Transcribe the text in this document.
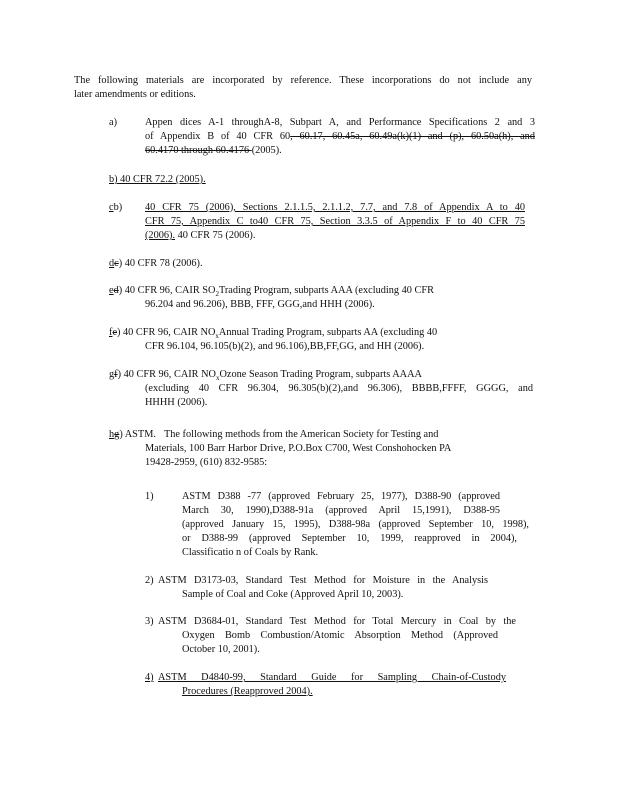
The following materials are incorporated by reference. These incorporations do not include any
later amendments or editions.
a)	Appen dices A-1 throughA-8, Subpart A, and Performance Specifications 2 and 3
of Appendix B of 40 CFR 60, 60.17, 60.45a, 60.49a(k)(1) and (p), 60.50a(h), and
60.4170 through 60.4176 (2005).
b) 40 CFR 72.2 (2005).
cb) 40 CFR 75 (2006), Sections 2.1.1.5, 2.1.1.2, 7.7, and 7.8 of Appendix A to 40
CFR 75, Appendix C to40 CFR 75, Section 3.3.5 of Appendix F to 40 CFR 75
(2006). 40 CFR 75 (2006).
dc) 40 CFR 78 (2006).
ed) 40 CFR 96, CAIR $SO_2Trading$ Program, subparts AAA (excluding 40 CFR
96.204 and 96.206), BBB, FFF, GGG,and HHH (2006).
fe) 40 CFR 96, CAIR $NO_xAnnual$ Trading Program, subparts AA (excluding 40
CFR 96.104, 96.105(b)(2), and 96.106),BB,FF,GG, and HH (2006).
gf) 40 CFR 96, CAIR $NO_xOzone$ Season Trading Program, subparts AAAA
(excluding 40 CFR 96.304, 96.305(b)(2),and 96.306), BBBB,FFFF, GGGG, and
HHHH (2006).
hg) ASTM. The following methods from the American Society for Testing and
Materials, 100 Barr Harbor Drive, P.O.Box C700, West Conshohocken PA
19428-2959, (610) 832-9585:
1)	ASTM D388 -77 (approved February 25, 1977), D388-90 (approved
March 30, 1990),D388-91a (approved April 15,1991), D388-95
(approved January 15, 1995), D388-98a (approved September 10, 1998),
or D388-99 (approved September 10, 1999, reapproved in 2004),
Classificatio n of Coals by Rank.
2) ASTM D3173-03, Standard Test Method for Moisture in the Analysis
Sample of Coal and Coke (Approved April 10, 2003).
3) ASTM D3684-01, Standard Test Method for Total Mercury in Coal by the
Oxygen Bomb Combustion/Atomic Absorption Method (Approved
October 10, 2001).
4) ASTM D4840-99, Standard Guide for Sampling Chain-of-Custody
Procedures (Reapproved 2004).
